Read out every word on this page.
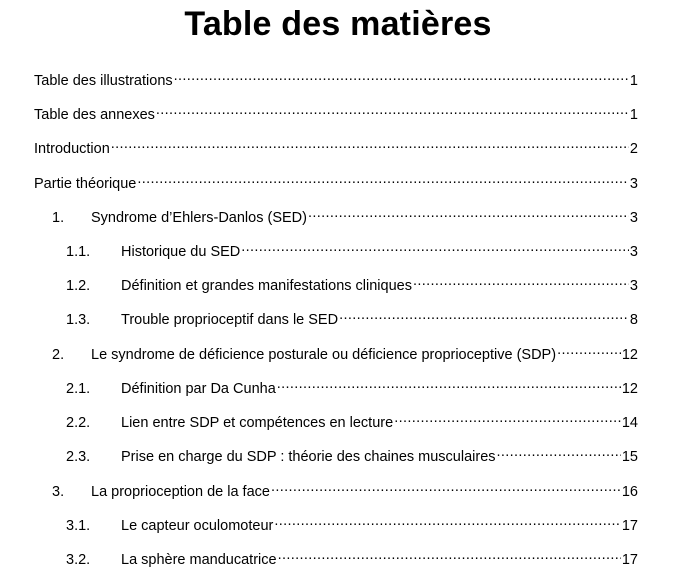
Table des matières
Table des illustrations .....	1
Table des annexes .....	1
Introduction .....	2
Partie théorique .....	3
1.	Syndrome d’Ehlers-Danlos (SED) .....	3
1.1.	Historique du SED .....	3
1.2.	Définition et grandes manifestations cliniques .....	3
1.3.	Trouble proprioceptif dans le SED .....	8
2.	Le syndrome de déficience posturale ou déficience proprioceptive (SDP) .....	12
2.1.	Définition par Da Cunha .....	12
2.2.	Lien entre SDP et compétences en lecture .....	14
2.3.	Prise en charge du SDP : théorie des chaines musculaires .....	15
3.	La proprioception de la face .....	16
3.1.	Le capteur oculomoteur .....	17
3.2.	La sphère manducatrice .....	17
